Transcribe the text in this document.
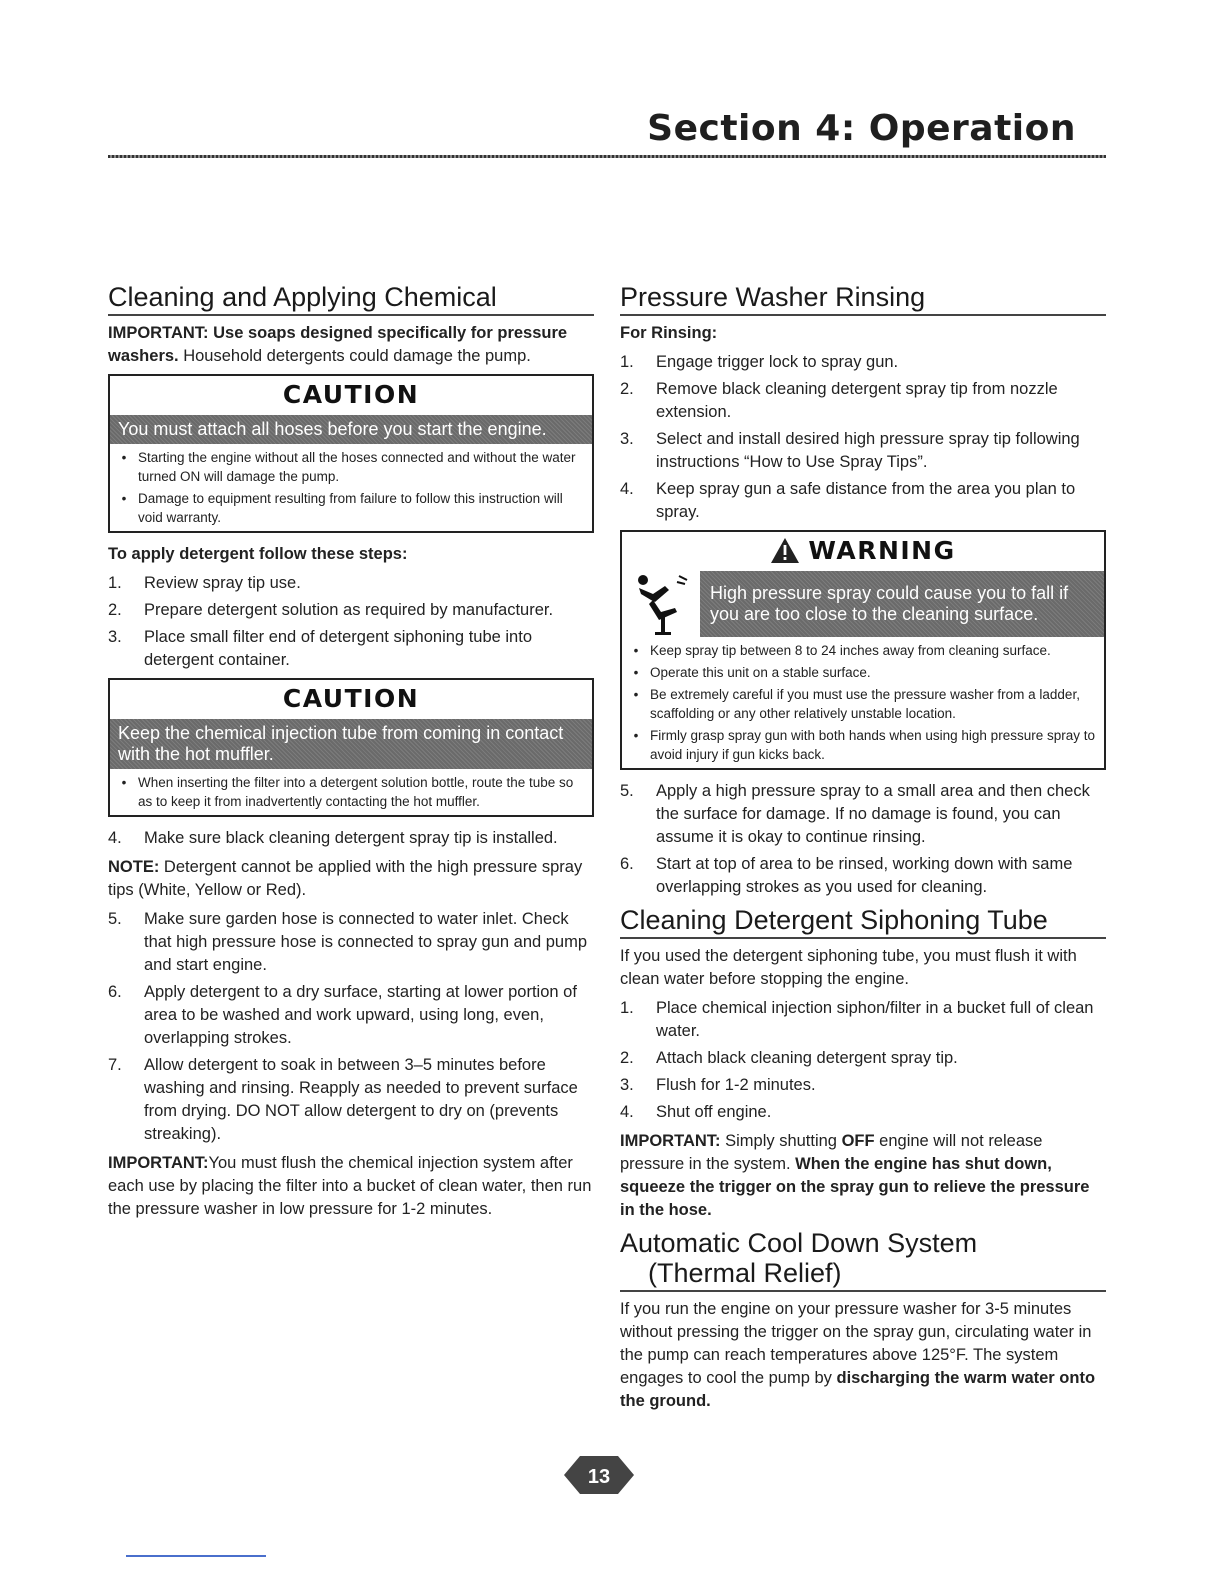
Section 4: Operation
Cleaning and Applying Chemical

IMPORTANT: Use soaps designed specifically for pressure washers. Household detergents could damage the pump.

CAUTION
You must attach all hoses before you start the engine.
• Starting the engine without all the hoses connected and without the water turned ON will damage the pump.
• Damage to equipment resulting from failure to follow this instruction will void warranty.

To apply detergent follow these steps:

1.	Review spray tip use.
2.	Prepare detergent solution as required by manufacturer.
3.	Place small filter end of detergent siphoning tube into detergent container.
CAUTION
Keep the chemical injection tube from coming in contact with the hot muffler.
• When inserting the filter into a detergent solution bottle, route the tube so as to keep it from inadvertently contacting the hot muffler.
4.	Make sure black cleaning detergent spray tip is installed.

NOTE: Detergent cannot be applied with the high pressure spray tips (White, Yellow or Red).

5.	Make sure garden hose is connected to water inlet. Check that high pressure hose is connected to spray gun and pump and start engine.
6.	Apply detergent to a dry surface, starting at lower portion of area to be washed and work upward, using long, even, overlapping strokes.
7.	Allow detergent to soak in between 3–5 minutes before washing and rinsing. Reapply as needed to prevent surface from drying. DO NOT allow detergent to dry on (prevents streaking).

IMPORTANT:You must flush the chemical injection system after each use by placing the filter into a bucket of clean water, then run the pressure washer in low pressure for 1-2 minutes.

Pressure Washer Rinsing

For Rinsing:

1.	Engage trigger lock to spray gun.
2.	Remove black cleaning detergent spray tip from nozzle extension.
3.	Select and install desired high pressure spray tip following instructions “How to Use Spray Tips”.
4.	Keep spray gun a safe distance from the area you plan to spray.
WARNING
High pressure spray could cause you to fall if you are too close to the cleaning surface.
• Keep spray tip between 8 to 24 inches away from cleaning surface.
• Operate this unit on a stable surface.
• Be extremely careful if you must use the pressure washer from a ladder, scaffolding or any other relatively unstable location.
• Firmly grasp spray gun with both hands when using high pressure spray to avoid injury if gun kicks back.
5.	Apply a high pressure spray to a small area and then check the surface for damage. If no damage is found, you can assume it is okay to continue rinsing.
6.	Start at top of area to be rinsed, working down with same overlapping strokes as you used for cleaning.
Cleaning Detergent Siphoning Tube

If you used the detergent siphoning tube, you must flush it with clean water before stopping the engine.

1.	Place chemical injection siphon/filter in a bucket full of clean water.
2.	Attach black cleaning detergent spray tip.
3.	Flush for 1-2 minutes.
4.	Shut off engine.

IMPORTANT: Simply shutting OFF engine will not release pressure in the system. When the engine has shut down, squeeze the trigger on the spray gun to relieve the pressure in the hose.

Automatic Cool Down System
(Thermal Relief)

If you run the engine on your pressure washer for 3-5 minutes without pressing the trigger on the spray gun, circulating water in the pump can reach temperatures above 125°F. The system engages to cool the pump by discharging the warm water onto the ground.

13
